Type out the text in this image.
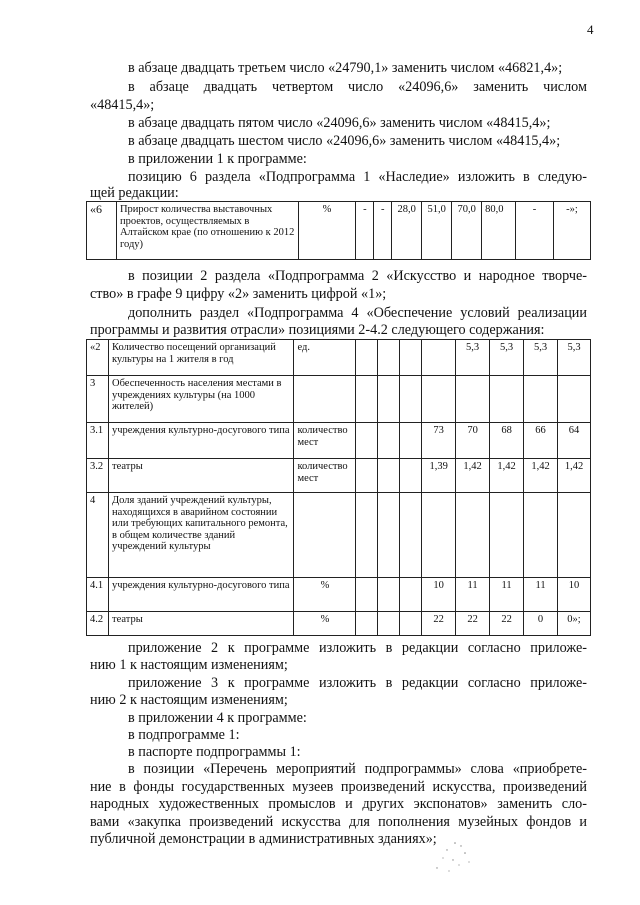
4
в абзаце двадцать третьем число «24790,1» заменить числом «46821,4»;
в абзаце двадцать четвертом число «24096,6» заменить числом
«48415,4»;
в абзаце двадцать пятом число «24096,6» заменить числом «48415,4»;
в абзаце двадцать шестом число «24096,6» заменить числом «48415,4»;
в приложении 1 к программе:
позицию 6 раздела «Подпрограмма 1 «Наследие» изложить в следую-
щей редакции:
«6	Прирост количества выставочных проектов, осуществляемых в Алтайском крае (по отношению к 2012 году)	%	-	-	28,0	51,0	70,0	80,0	-	-»;
в позиции 2 раздела «Подпрограмма 2 «Искусство и народное творче-
ство» в графе 9 цифру «2» заменить цифрой «1»;
дополнить раздел «Подпрограмма 4 «Обеспечение условий реализации
программы и развития отрасли» позициями 2-4.2 следующего содержания:
«2	Количество посещений организаций культуры на 1 жителя в год	ед.					5,3	5,3	5,3	5,3
3	Обеспеченность населения местами в учреждениях культуры (на 1000 жителей)									
3.1	учреждения культурно-досугового типа	количество мест				73	70	68	66	64
3.2	театры	количество мест				1,39	1,42	1,42	1,42	1,42
4	Доля зданий учреждений культуры, находящихся в аварийном состоянии или требующих капитального ремонта, в общем количестве зданий учреждений культуры									
4.1	учреждения культурно-досугового типа	%				10	11	11	11	10
4.2	театры	%				22	22	22	0	0»;
приложение 2 к программе изложить в редакции согласно приложе-
нию 1 к настоящим изменениям;
приложение 3 к программе изложить в редакции согласно приложе-
нию 2 к настоящим изменениям;
в приложении 4 к программе:
в подпрограмме 1:
в паспорте подпрограммы 1:
в позиции «Перечень мероприятий подпрограммы» слова «приобрете-
ние в фонды государственных музеев произведений искусства, произведений
народных художественных промыслов и других экспонатов» заменить сло-
вами «закупка произведений искусства для пополнения музейных фондов и
публичной демонстрации в административных зданиях»;
